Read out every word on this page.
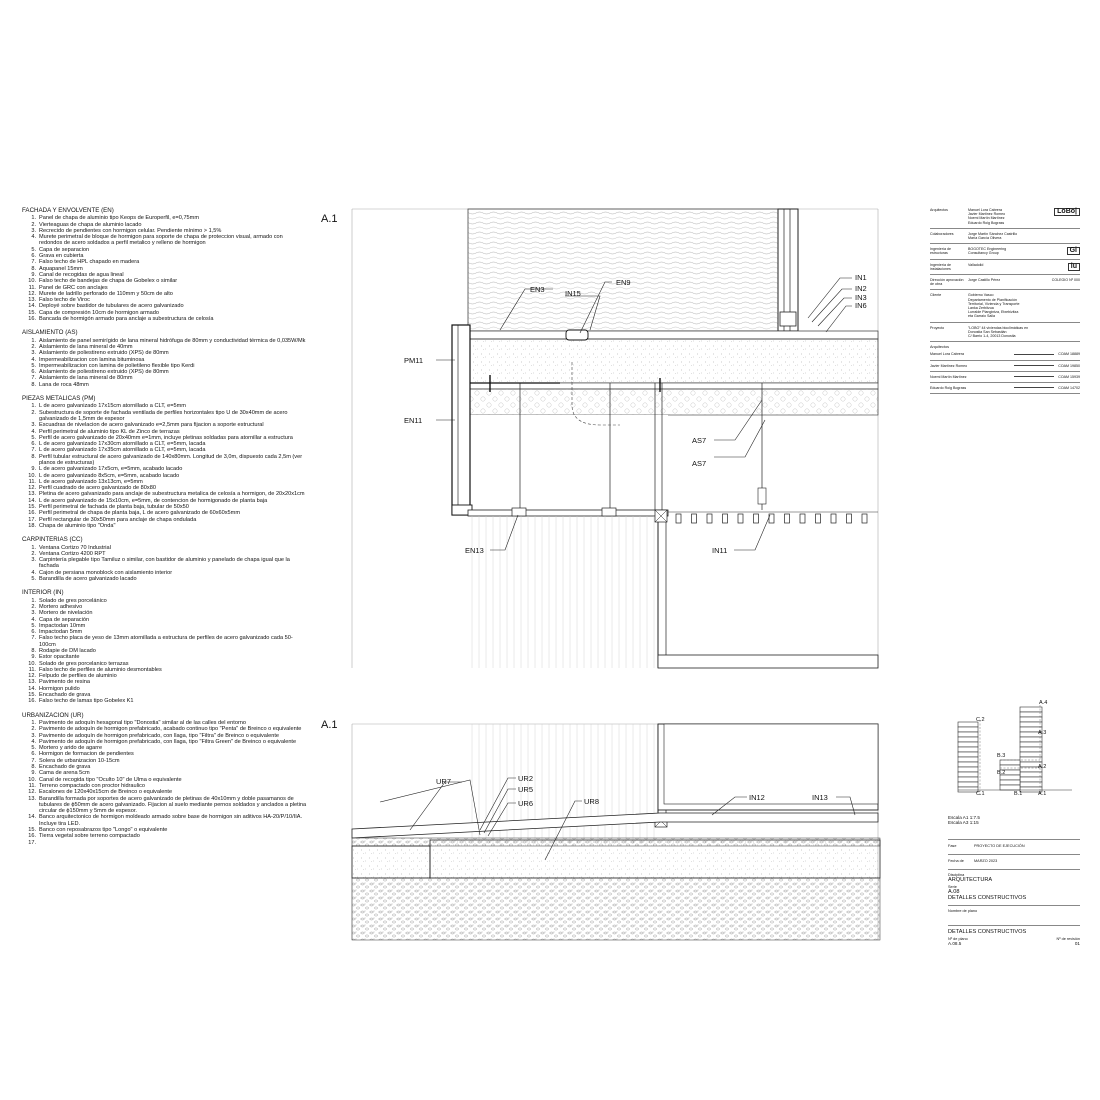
FACHADA Y ENVOLVENTE (EN)
1. Panel de chapa de aluminio tipo Keops de Europerfil, e=0,75mm
2. Vierteaguas de chapa de aluminio lacado
3. Recrecido de pendientes con hormigon celular. Pendiente mínimo > 1,5%
4. Murete perimetral de bloque de hormigon para soporte de chapa de proteccion visual, armado con redondos de acero soldados a perfil metalico y relleno de hormigon
5. Capa de separacion
6. Grava en cubierta
7. Falso techo de HPL chapado en madera
8. Aquapanel 15mm
9. Canal de recogidas de agua lineal
10. Falso techo de bandejas de chapa de Gobelex o similar
11. Panel de GRC con anclajes
12. Murete de ladrillo perforado de 110mm y 50cm de alto
13. Falso techo de Viroc
14. Deployé sobre bastidor de tubulares de acero galvanizado
15. Capa de compresión 10cm de hormigon armado
16. Bancada de hormigón armado para anclaje a subestructura de celosía
AISLAMIENTO (AS)
1. Aislamiento de panel semirígido de lana mineral hidrófuga de 80mm y conductividad térmica de 0,035W/Mk
2. Aislamiento de lana mineral de 40mm
3. Aislamiento de poliestireno extruido (XPS) de 80mm
4. Impermeabilizacion con lamina bituminosa
5. Impermeabilizacion con lamina de polietileno flexible tipo Kerdi
6. Aislamiento de poliestireno extruido (XPS) de 80mm
7. Aislamiento de lana mineral de 80mm
8. Lana de roca 48mm
PIEZAS METALICAS (PM)
1. L de acero galvanizado 17x15cm atornillado a CLT, e=5mm
2. Subestructura de soporte de fachada ventilada de perfiles horizontales tipo U de 30x40mm de acero galvanizado de 1,5mm de espesor
3. Escuadras de nivelacion de acero galvanizado e=2,5mm para fijacion a soporte estructural
4. Perfil perimetral de aluminio tipo KL de Zinco de terrazas
5. Perfil de acero galvanizado de 20x40mm e=1mm, incluye pletinas soldadas para atornillar a estructura
6. L de acero galvanizado 17x30cm atornillado a CLT, e=5mm, lacada
7. L de acero galvanizado 17x35cm atornillado a CLT, e=5mm, lacada
8. Perfil tubular estructural de acero galvanizado de 140x80mm. Longitud de 3,0m, dispuesto cada 2,5m (ver planos de estructuras)
9. L de acero galvanizado 17x5cm, e=5mm, acabado lacado
10. L de acero galvanizado 8x5cm, e=5mm, acabado lacado
11. L de acero galvanizado 13x13cm, e=5mm
12. Perfil cuadrado de acero galvanizado de 80x80
13. Pletina de acero galvanizado para anclaje de subestructura metalica de celosía a hormigon, de 20x20x1cm
14. L de acero galvanizado de 15x10cm, e=5mm, de contencion de hormigonado de planta baja
15. Perfil perimetral de fachada de planta baja, tubular de 50x50
16. Perfil perimetral de chapa de planta baja, L de acero galvanizado de 60x60x5mm
17. Perfil rectangular de 30x50mm para anclaje de chapa ondulada
18. Chapa de aluminio tipo "Onda"
CARPINTERIAS (CC)
1. Ventana Cortizo 70 Industrial
2. Ventana Cortizo 4200 RPT
3. Carpintería plegable tipo Tamiluz o similar, con bastidor de aluminio y panelado de chapa igual que la fachada
4. Cajon de persiana monoblock con aislamiento interior
5. Barandilla de acero galvanizado lacado
INTERIOR (IN)
1. Solado de gres porcelánico
2. Mortero adhesivo
3. Mortero de nivelación
4. Capa de separación
5. Impactodan 10mm
6. Impactodan 5mm
7. Falso techo placa de yeso de 13mm atornillada a estructura de perfiles de acero galvanizado cada 50-100cm
8. Rodapie de DM lacado
9. Estor opacitante
10. Solado de gres porcelanico terrazas
11. Falso techo de perfiles de aluminio desmontables
12. Felpudo de perfiles de aluminio
13. Pavimento de resina
14. Hormigon pulido
15. Encachado de grava
16. Falso techo de lamas tipo Gobelex K1
URBANIZACION (UR)
1. Pavimento de adoquín hexagonal tipo "Donostia" similar al de las calles del entorno
2. Pavimento de adoquín de hormigon prefabricado, acabado continuo tipo "Penta" de Breinco o equivalente
3. Pavimento de adoquín de hormigon prefabricado, con llaga, tipo "Filtra" de Breinco o equivalente
4. Pavimento de adoquín de hormigon prefabricado, con llaga, tipo "Filtra Green" de Breinco o equivalente
5. Mortero y arido de agarre
6. Hormigon de formacion de pendientes
7. Solera de urbanizacion 10-15cm
8. Encachado de grava
9. Cama de arena 5cm
10. Canal de recogida tipo "Oculto 10" de Ulma o equivalente
11. Terreno compactado con proctor hidraulico
12. Escalones de 120x40x15cm de Breinco o equivalente
13. Barandilla formada por soportes de acero galvanizado de pletinas de 40x10mm y doble pasamanos de tubulares de ϕ50mm de acero galvanizado. Fijacion al suelo mediante pernos soldados y anclados a pletina circular de ϕ150mm y 5mm de espesor.
14. Banco arquitectonico de hormigon moldeado armado sobre base de hormigon sin aditivos HA-20/P/10/IIA. Incluye tira LED.
15. Banco con reposabrazos tipo "Longo" o equivalente
16. Tierra vegetal sobre terreno compactado
17.
EN3	IN15
EN9
PM11
EN11
AS7
AS7
EN13	IN11
IN1
IN2
IN3
IN6
UR7	UR2
UR5
UR6	UR8	IN12	IN13
A.4
C.2
A.3
B.3
B.2
A.2
C.1	B.1	A.1
A.1
A.1
Arquitectos	Manuel Lora Cabrera
Javier Martínez Romeo
Noemi Martín Martínez
Eduardo Roig Bograss
LoBo|
Colaboradores	Jorge Martín Sánchez Castrillo
María García Olivera
Ingeniería de estructuras
BOGOTEC Engineering
Consultancy Group	Gi
Ingeniería de instalaciones
Valladolid	lu
Dirección aprovación de obra
Jorge Castillo Pérez	COLEGIO Nº 000
Cliente	Gobierno Vasco
Departamento de Planificación
Territorial, Vivienda y Transporte
Lanka Zerbitzua
Lurralde Plangintza, Etxebizitza
eta Garraio Saila
Proyecto	"LOBO" 44 viviendas bioclimáticas en
Donostia San Sebastián
C/ Barrio 1-4, 20013 Donostia
Arquitectos
Manuel Lora Cabrera	COAM 18889
Javier Martínez Romeo	COAM 19850
Noemi Martín Martínez	COAM 15939
Eduardo Roig Bograss	COAM 14702
Escala A1 1:7.5
Escala A3 1:15
Fase	PROYECTO DE EJECUCIÓN
Fecha de	MARZO 2023
Disciplina
ARQUITECTURA
Serie
A.08
DETALLES CONSTRUCTIVOS
Nombre de plano
DETALLES CONSTRUCTIVOS
Nº de plano	Nº de revisión
A.08.5	01
